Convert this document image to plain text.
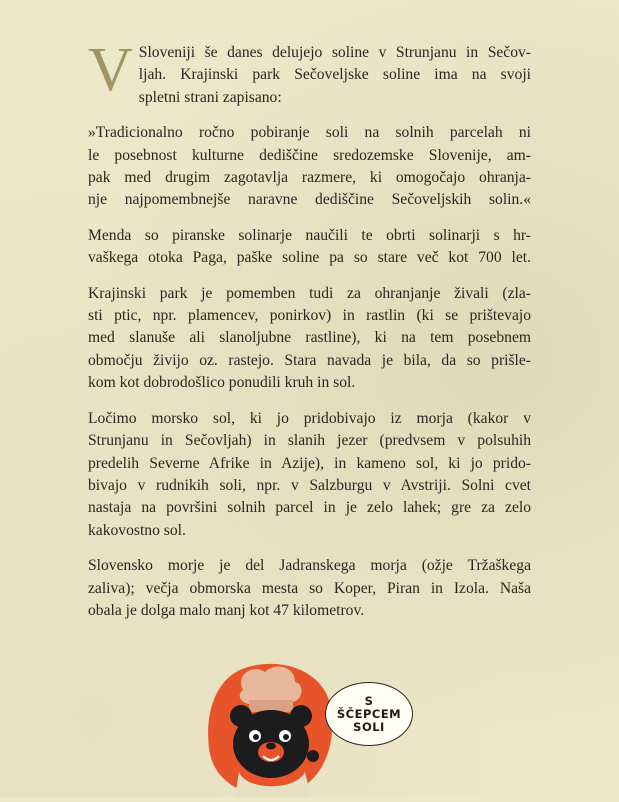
V Sloveniji še danes delujejo soline v Strunjanu in Sečov-
ljah. Krajinski park Sečoveljske soline ima na svoji
spletni strani zapisano:

»Tradicionalno ročno pobiranje soli na solnih parcelah ni
le posebnost kulturne dediščine sredozemske Slovenije, am-
pak med drugim zagotavlja razmere, ki omogočajo ohranja-
nje najpomembnejše naravne dediščine Sečoveljskih solin.«

Menda so piranske solinarje naučili te obrti solinarji s hr-
vaškega otoka Paga, paške soline pa so stare več kot 700 let.

Krajinski park je pomemben tudi za ohranjanje živali (zla-
sti ptic, npr. plamencev, ponirkov) in rastlin (ki se prištevajo
med slanuše ali slanoljubne rastline), ki na tem posebnem
območju živijo oz. rastejo. Stara navada je bila, da so prišle-
kom kot dobrodošlico ponudili kruh in sol.

Ločimo morsko sol, ki jo pridobivajo iz morja (kakor v
Strunjanu in Sečovljah) in slanih jezer (predvsem v polsuhih
predelih Severne Afrike in Azije), in kameno sol, ki jo prido-
bivajo v rudnikih soli, npr. v Salzburgu v Avstriji. Solni cvet
nastaja na površini solnih parcel in je zelo lahek; gre za zelo
kakovostno sol.

Slovensko morje je del Jadranskega morja (ožje Tržaškega
zaliva); večja obmorska mesta so Koper, Piran in Izola. Naša
obala je dolga malo manj kot 47 kilometrov.

S
ŠČEPCEM
SOLI
